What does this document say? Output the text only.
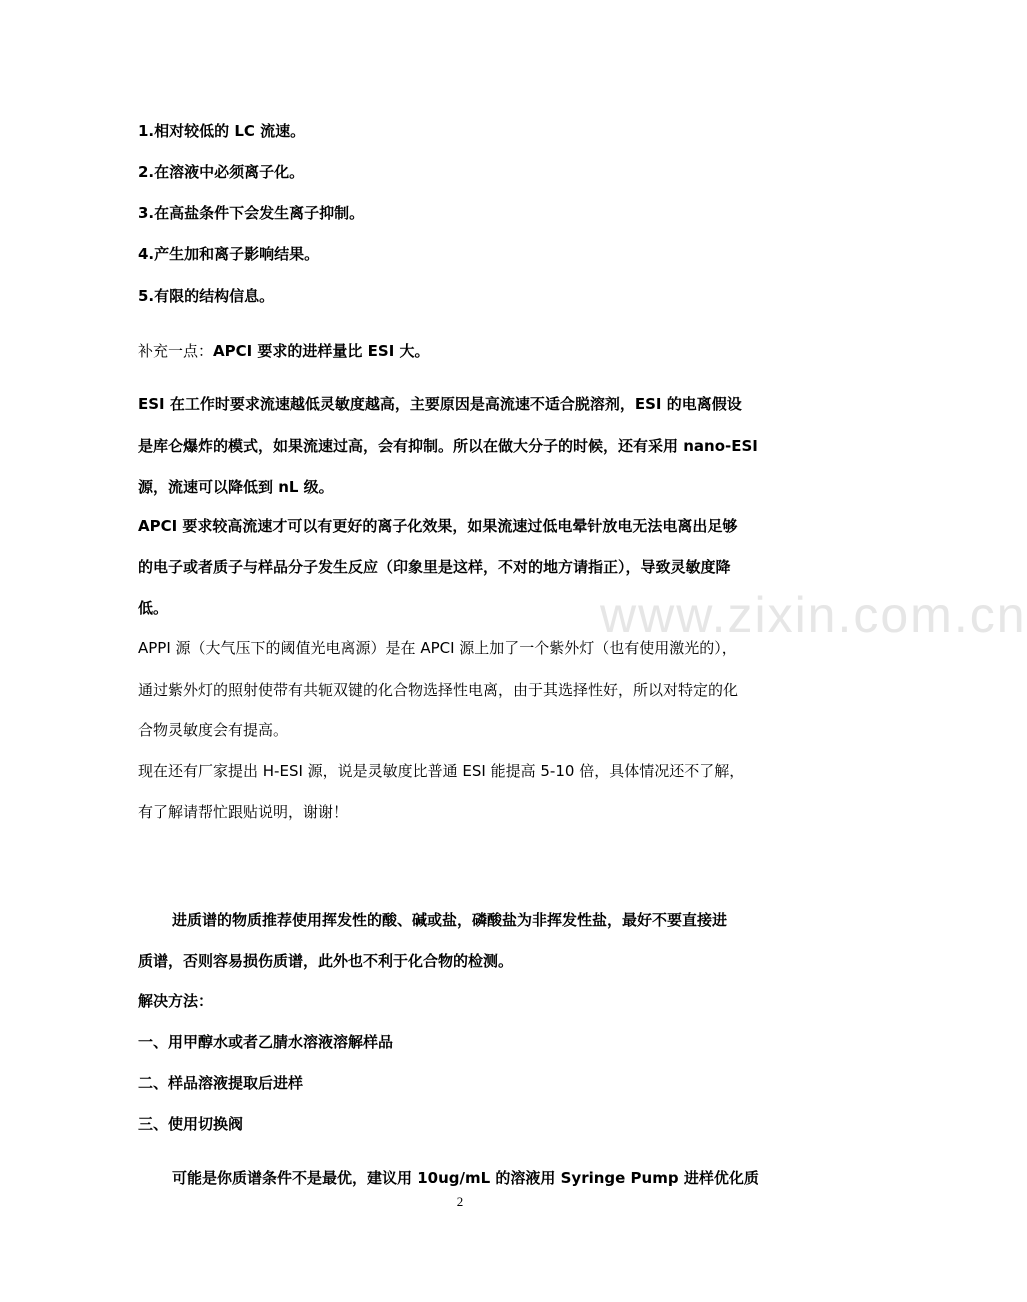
www.zixin.com.cn
1.相对较低的 LC 流速。
2.在溶液中必须离子化。
3.在高盐条件下会发生离子抑制。
4.产生加和离子影响结果。
5.有限的结构信息。
补充一点：APCI 要求的进样量比 ESI 大。
ESI 在工作时要求流速越低灵敏度越高，主要原因是高流速不适合脱溶剂，ESI 的电离假设
是库仑爆炸的模式，如果流速过高，会有抑制。所以在做大分子的时候，还有采用 nano-ESI
源，流速可以降低到 nL 级。
APCI 要求较高流速才可以有更好的离子化效果，如果流速过低电晕针放电无法电离出足够
的电子或者质子与样品分子发生反应（印象里是这样，不对的地方请指正），导致灵敏度降
低。
APPI 源（大气压下的阈值光电离源）是在 APCI 源上加了一个紫外灯（也有使用激光的），
通过紫外灯的照射使带有共轭双键的化合物选择性电离，由于其选择性好，所以对特定的化
合物灵敏度会有提高。
现在还有厂家提出 H-ESI 源，说是灵敏度比普通 ESI 能提高 5-10 倍，具体情况还不了解，
有了解请帮忙跟贴说明，谢谢！
进质谱的物质推荐使用挥发性的酸、碱或盐，磷酸盐为非挥发性盐，最好不要直接进
质谱，否则容易损伤质谱，此外也不利于化合物的检测。
解决方法：
一、用甲醇水或者乙腈水溶液溶解样品
二、样品溶液提取后进样
三、使用切换阀
可能是你质谱条件不是最优，建议用 10ug/mL 的溶液用 Syringe Pump 进样优化质
2
